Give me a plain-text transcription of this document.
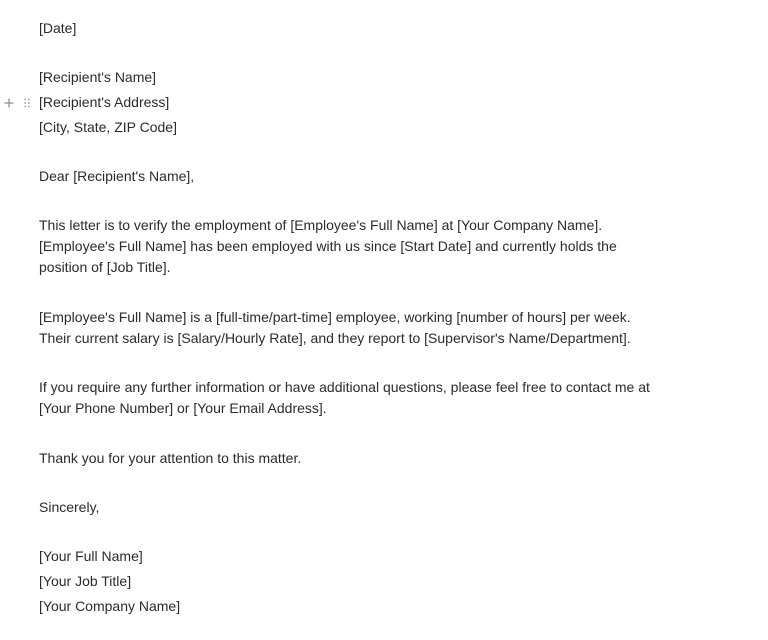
[Date]
[Recipient's Name]
[Recipient's Address]
[City, State, ZIP Code]
Dear [Recipient's Name],
This letter is to verify the employment of [Employee's Full Name] at [Your Company Name].
[Employee's Full Name] has been employed with us since [Start Date] and currently holds the
position of [Job Title].
[Employee's Full Name] is a [full-time/part-time] employee, working [number of hours] per week.
Their current salary is [Salary/Hourly Rate], and they report to [Supervisor's Name/Department].
If you require any further information or have additional questions, please feel free to contact me at
[Your Phone Number] or [Your Email Address].
Thank you for your attention to this matter.
Sincerely,
[Your Full Name]
[Your Job Title]
[Your Company Name]
